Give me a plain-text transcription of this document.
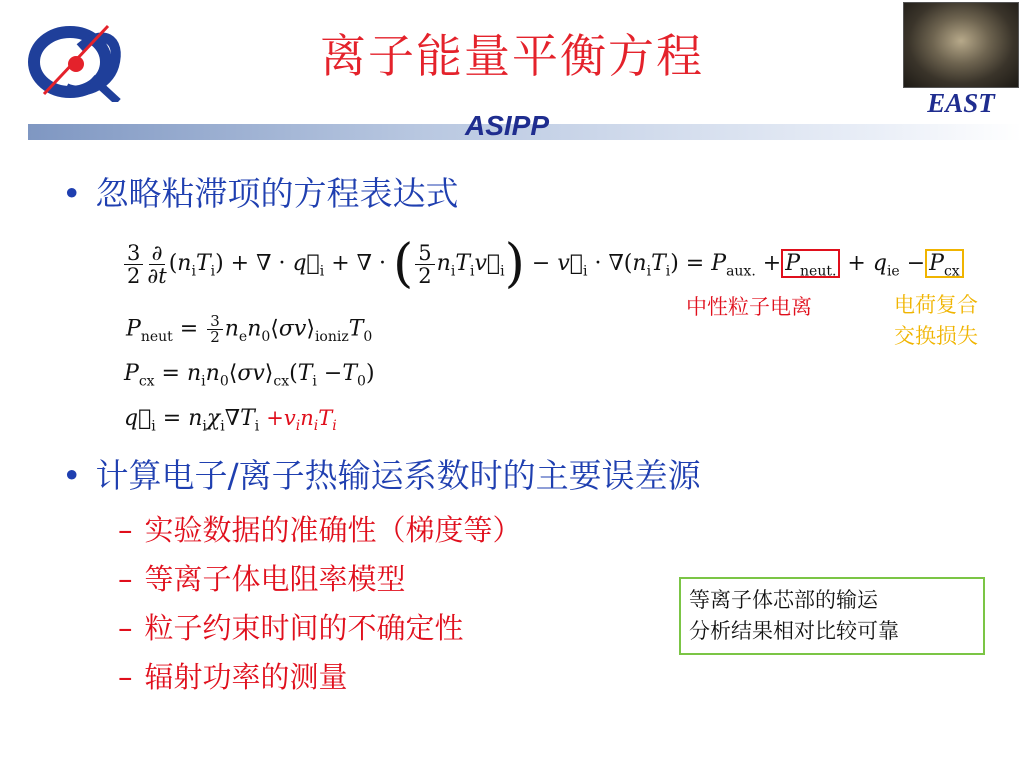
离子能量平衡方程
EAST
ASIPP
• 忽略粘滞项的方程表达式
$\frac{3}{2} \frac{\partial}{\partial t} (n_iT_i)$ + ∇ · $q⃗_i$ + ∇ · ( $\frac{5}{2}$ $n_iT_iv⃗_i$) − $v⃗_i \cdot \nabla(n_iT_i) = P_{aux.} + P_{neut.} + q_{ie} - P_{cx}$
中性粒子电离	电荷复合
交换损失
$P_{neut} = \frac{3}{2}$ $n_en_0⟨\sigma v⟩_{ioniz}T_0$
$P_{cx}$ = $n_in_0⟨\sigma v⟩_{cx}(T_i -T_0)$
$q⃗_i = n_i\chi_i\nabla T_i +v_in_iT_i$
• 计算电子/离子热输运系数时的主要误差源
– 实验数据的准确性（梯度等）
– 等离子体电阻率模型
– 粒子约束时间的不确定性
– 辐射功率的测量
等离子体芯部的输运
分析结果相对比较可靠
